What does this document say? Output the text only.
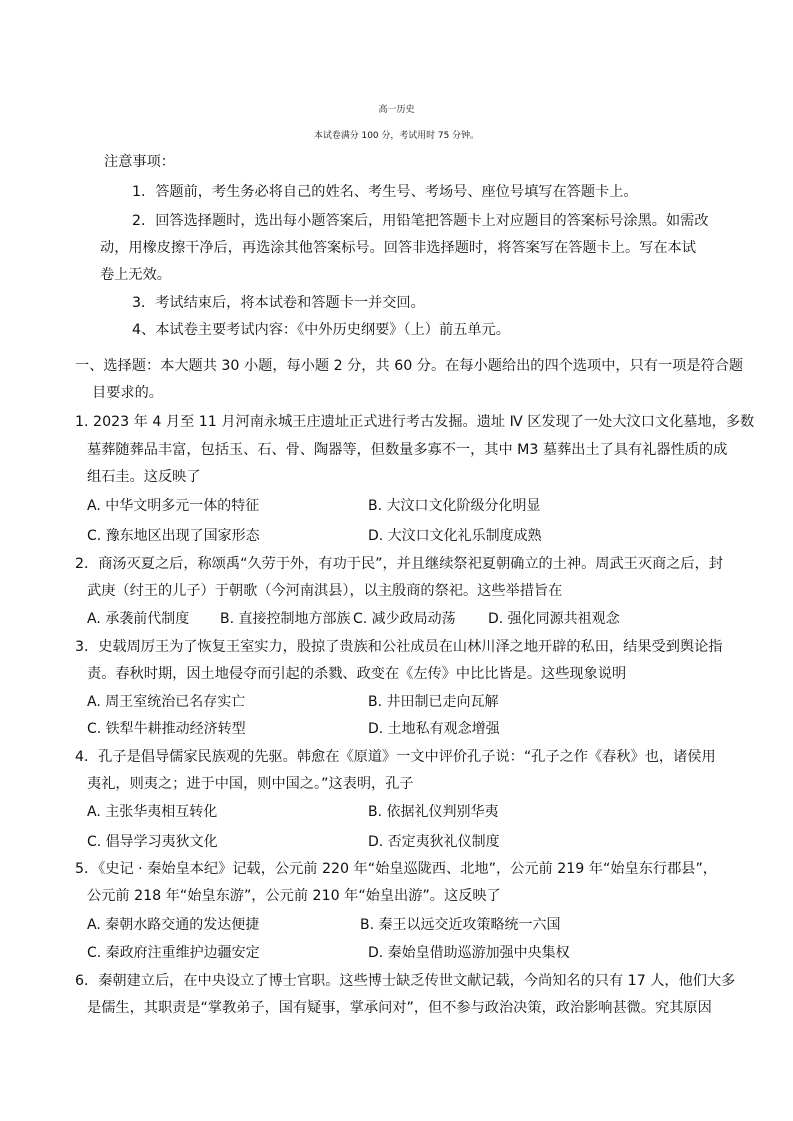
高一历史
本试卷满分 100 分，考试用时 75 分钟。
注意事项：
1．答题前，考生务必将自己的姓名、考生号、考场号、座位号填写在答题卡上。
2．回答选择题时，选出每小题答案后，用铅笔把答题卡上对应题目的答案标号涂黑。如需改
动，用橡皮擦干净后，再选涂其他答案标号。回答非选择题时，将答案写在答题卡上。写在本试
卷上无效。
3．考试结束后，将本试卷和答题卡一并交回。
4、本试卷主要考试内容：《中外历史纲要》（上）前五单元。
一、选择题：本大题共 30 小题，每小题 2 分，共 60 分。在每小题给出的四个选项中，只有一项是符合题
目要求的。
1. 2023 年 4 月至 11 月河南永城王庄遗址正式进行考古发掘。遗址 Ⅳ 区发现了一处大汶口文化墓地，多数
墓葬随葬品丰富，包括玉、石、骨、陶器等，但数量多寡不一，其中 M3 墓葬出土了具有礼器性质的成
组石圭。这反映了
A. 中华文明多元一体的特征	B. 大汶口文化阶级分化明显
C. 豫东地区出现了国家形态	D. 大汶口文化礼乐制度成熟
2．商汤灭夏之后，称颂禹“久劳于外，有功于民”，并且继续祭祀夏朝确立的土神。周武王灭商之后，封
武庚（纣王的儿子）于朝歌（今河南淇县），以主殷商的祭祀。这些举措旨在
A. 承袭前代制度 B. 直接控制地方部族 C. 减少政局动荡 D. 强化同源共祖观念
3．史载周厉王为了恢复王室实力，股掠了贵族和公社成员在山林川泽之地开辟的私田，结果受到舆论指
责。春秋时期，因土地侵夺而引起的杀戮、政变在《左传》中比比皆是。这些现象说明
A. 周王室统治已名存实亡	B. 井田制已走向瓦解
C. 铁犁牛耕推动经济转型	D. 土地私有观念增强
4．孔子是倡导儒家民族观的先驱。韩愈在《原道》一文中评价孔子说：“孔子之作《春秋》也，诸侯用
夷礼，则夷之；进于中国，则中国之。”这表明，孔子
A. 主张华夷相互转化	B. 依据礼仪判别华夷
C. 倡导学习夷狄文化	D. 否定夷狄礼仪制度
5．《史记 · 秦始皇本纪》记载，公元前 220 年“始皇巡陇西、北地”，公元前 219 年“始皇东行郡县”，
公元前 218 年“始皇东游”，公元前 210 年“始皇出游”。这反映了
A. 秦朝水路交通的发达便捷	B. 秦王以远交近攻策略统一六国
C. 秦政府注重维护边疆安定	D. 秦始皇借助巡游加强中央集权
6．秦朝建立后，在中央设立了博士官职。这些博士缺乏传世文献记载，今尚知名的只有 17 人，他们大多
是儒生，其职责是“掌教弟子，国有疑事，掌承问对”，但不参与政治决策，政治影响甚微。究其原因
